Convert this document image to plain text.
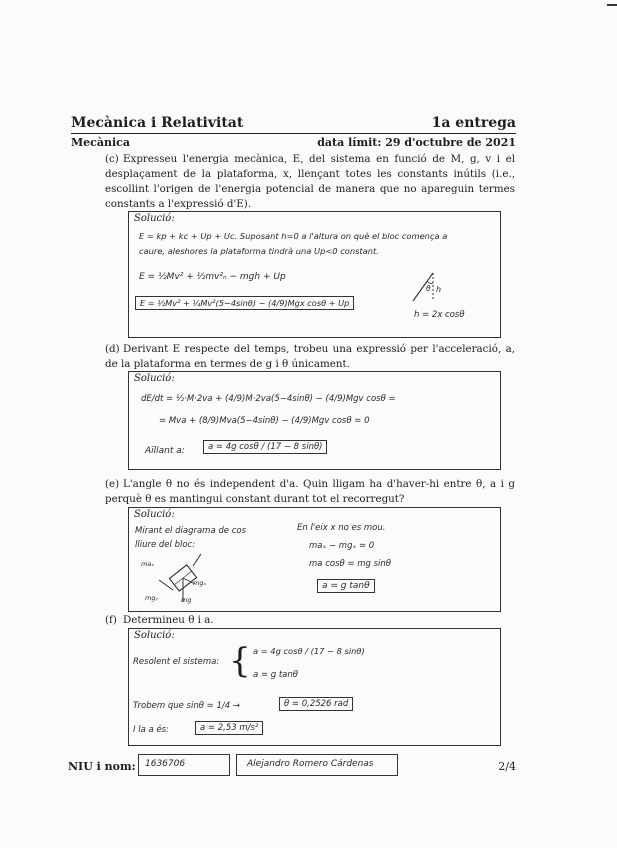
Mecànica i Relativitat	1a entrega
Mecànica	data límit: 29 d'octubre de 2021
(c) Expresseu l'energia mecànica, E, del sistema en funció de M, g, v i el desplaçament de la plataforma, x, llençant totes les constants inútils (i.e., escollint l'origen de l'energia potencial de manera que no apareguin termes constants a l'expressió d'E).
Solució:
E = kp + kc + Up + Uc. Suposant h=0 a l'altura on què el bloc comença a
caure, aleshores la plataforma tindrà una Up<0 constant.
E = ½Mv² + ½mv²ₙ − mgh + Up
E = ½Mv² + ¼Mv²(5−4sinθ) − (4/9)Mgx cosθ + Up
θ h
h = 2x cosθ
(d) Derivant E respecte del temps, trobeu una expressió per l'acceleració, a, de la plataforma en termes de g i θ únicament.
Solució:
dE/dt = ½·M·2va + (4/9)M·2va(5−4sinθ) − (4/9)Mgv cosθ =
= Mva + (8/9)Mva(5−4sinθ) − (4/9)Mgv cosθ = 0
Aïllant a:	a = 4g cosθ / (17 − 8 sinθ)
(e) L'angle θ no és independent d'a. Quin lligam ha d'haver-hi entre θ, a i g perquè θ es mantingui constant durant tot el recorregut?
Solució:
Mirant el diagrama de cos
lliure del bloc:
maₓ
mgₓ
mgᵧ	mg
En l'eix x no es mou.
maₓ − mgₓ = 0
ma cosθ = mg sinθ
a = g tanθ
(f) Determineu θ i a.
Solució:
Resolent el sistema: { a = 4g cosθ / (17 − 8 sinθ)
a = g tanθ
Trobem que sinθ = 1/4 →	θ = 0,2526 rad
I la a és:	a = 2,53 m/s²
NIU i nom: 1636706	Alejandro Romero Cárdenas	2/4
